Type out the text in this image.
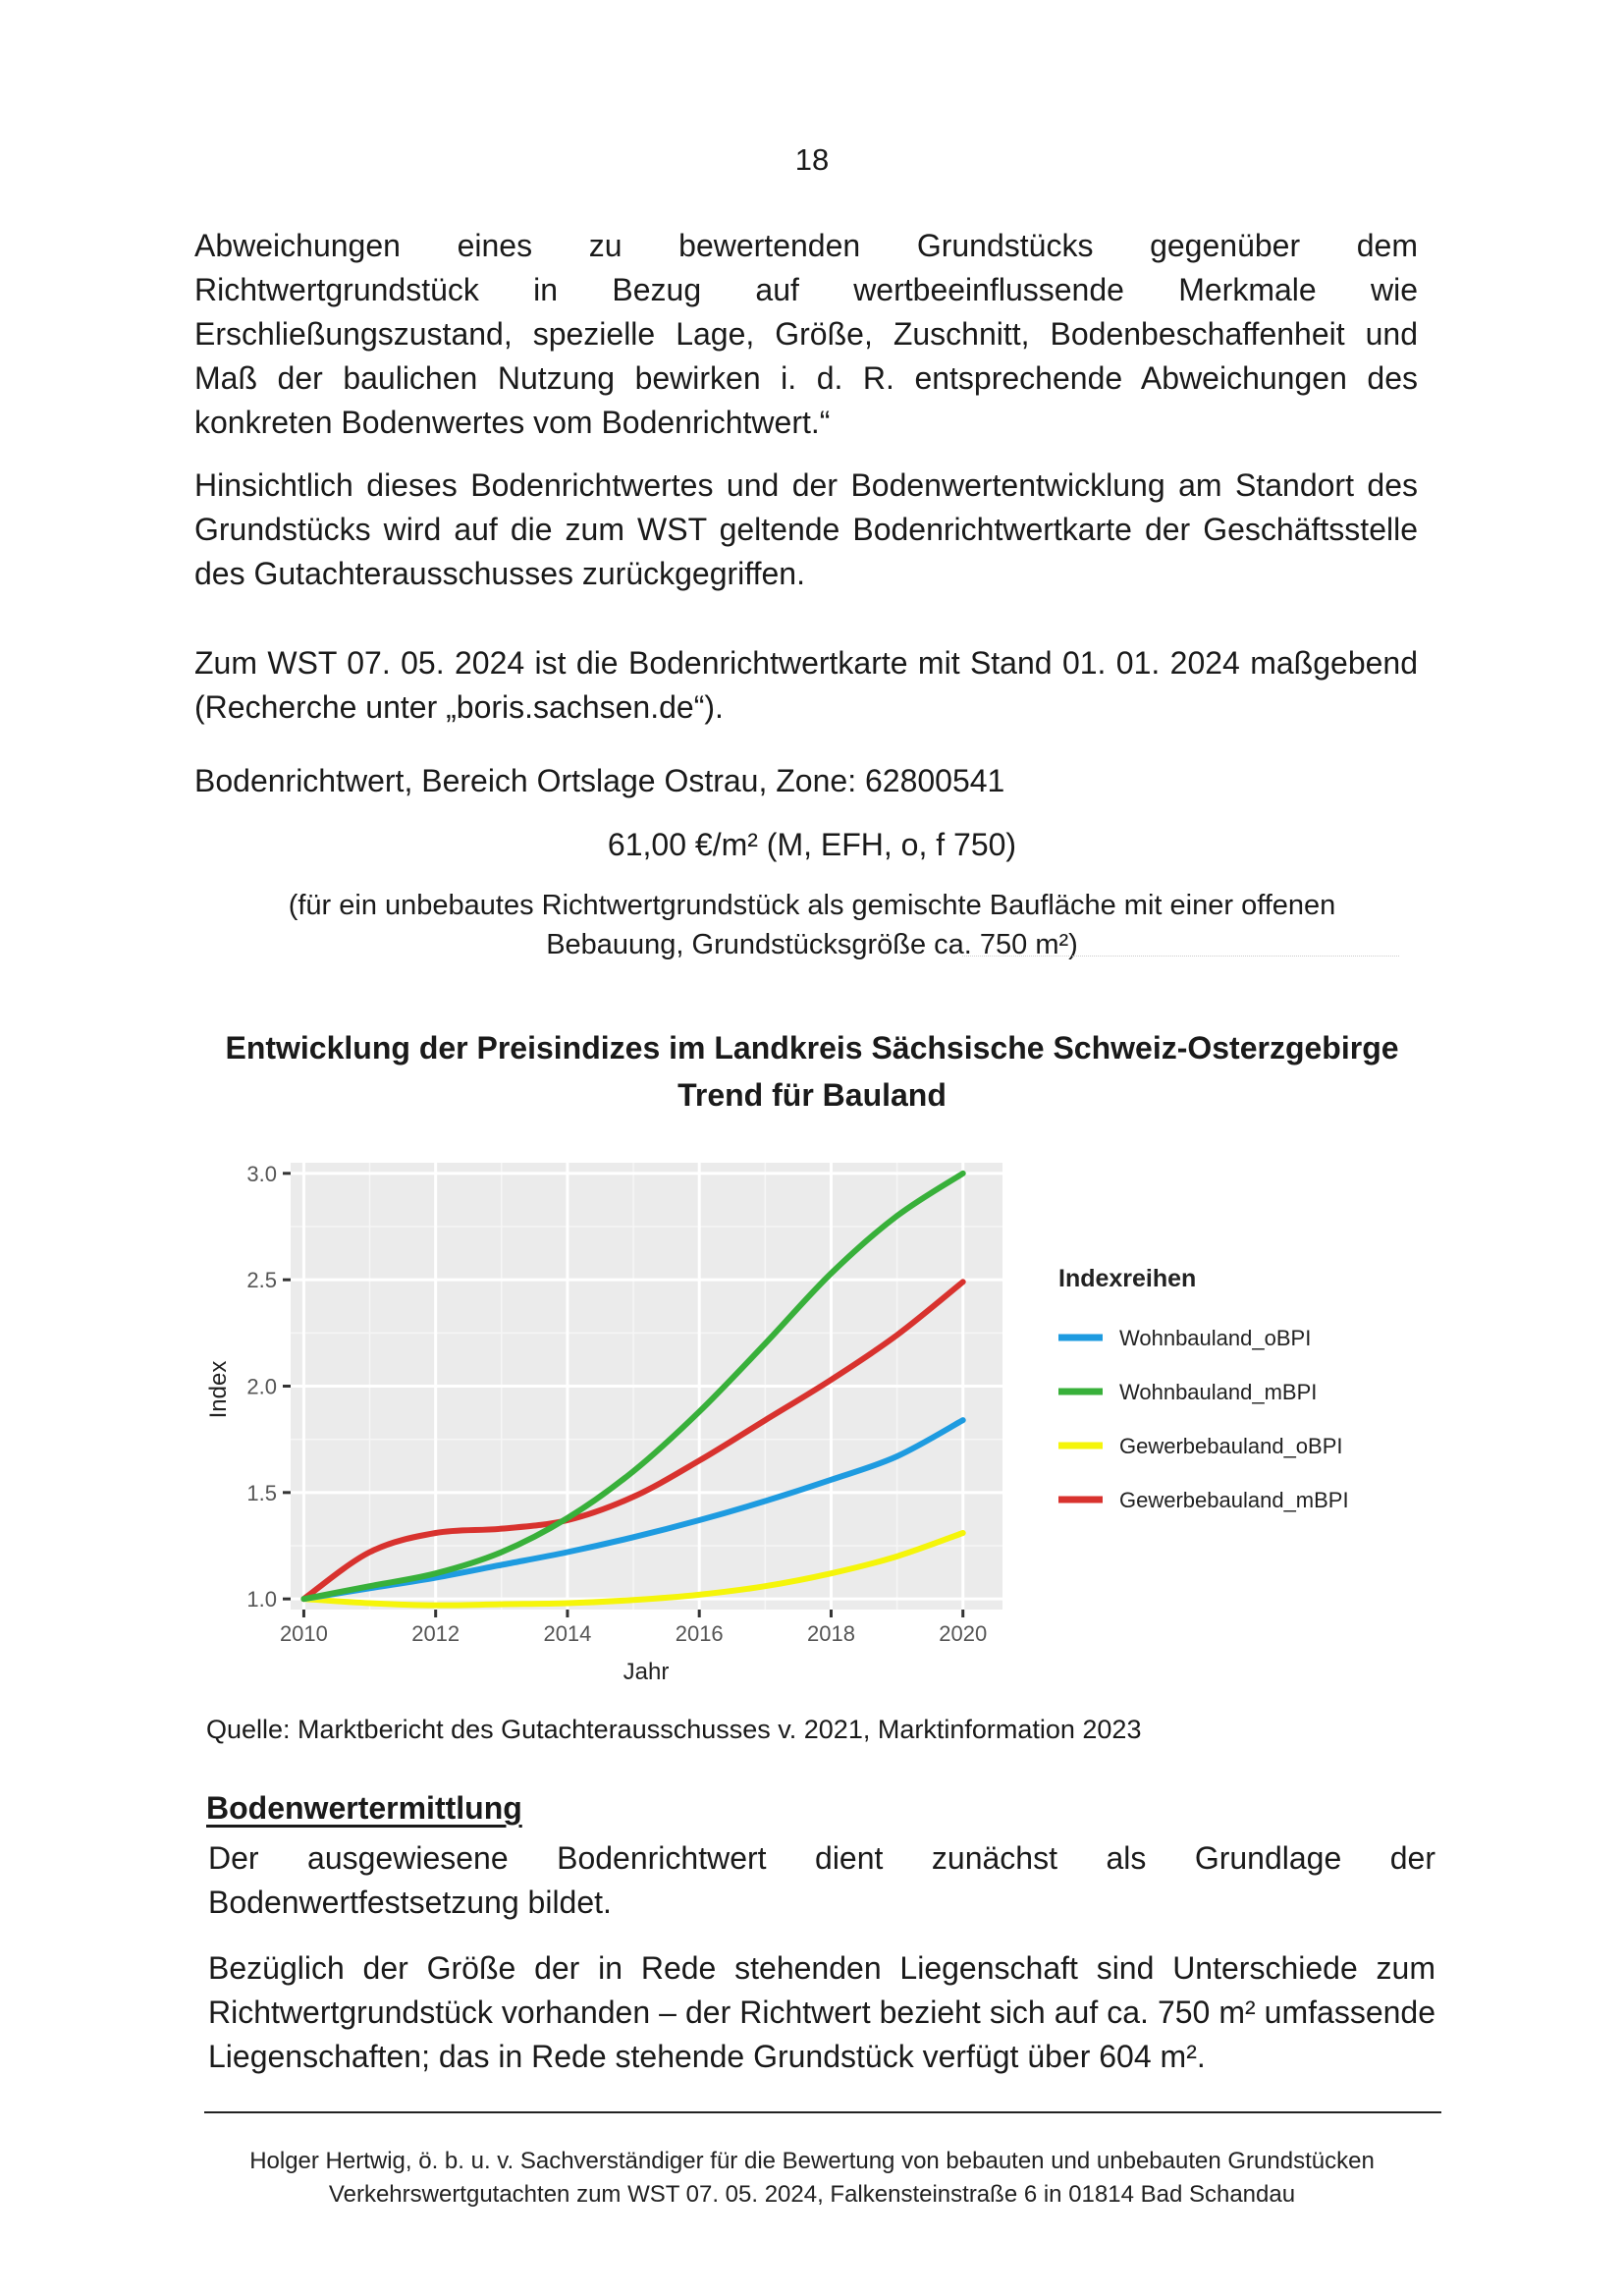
18

Abweichungen eines zu bewertenden Grundstücks gegenüber dem Richtwertgrundstück in Bezug auf wertbeeinflussende Merkmale wie Erschließungszustand, spezielle Lage, Größe, Zuschnitt, Bodenbeschaffenheit und Maß der baulichen Nutzung bewirken i. d. R. entsprechende Abweichungen des konkreten Bodenwertes vom Bodenrichtwert.“

Hinsichtlich dieses Bodenrichtwertes und der Bodenwertentwicklung am Standort des Grundstücks wird auf die zum WST geltende Bodenrichtwertkarte der Geschäftsstelle des Gutachterausschusses zurückgegriffen.

Zum WST 07. 05. 2024 ist die Bodenrichtwertkarte mit Stand 01. 01. 2024 maßgebend (Recherche unter „boris.sachsen.de“).

Bodenrichtwert, Bereich Ortslage Ostrau, Zone: 62800541

61,00 €/m² (M, EFH, o, f 750)
(für ein unbebautes Richtwertgrundstück als gemischte Baufläche mit einer offenen
Bebauung, Grundstücksgröße ca. 750 m²)
Entwicklung der Preisindizes im Landkreis Sächsische Schweiz-Osterzgebirge
Trend für Bauland
1.0
1.5
2.0
2.5
3.0
2010	2012	2014	2016	2018	2020
Jahr
Index
Indexreihen
Wohnbauland_oBPI
Wohnbauland_mBPI
Gewerbebauland_oBPI
Gewerbebauland_mBPI
Quelle: Marktbericht des Gutachterausschusses v. 2021, Marktinformation 2023
Bodenwertermittlung

Der ausgewiesene Bodenrichtwert dient zunächst als Grundlage der Bodenwertfestsetzung bildet.

Bezüglich der Größe der in Rede stehenden Liegenschaft sind Unterschiede zum Richtwertgrundstück vorhanden – der Richtwert bezieht sich auf ca. 750 m² umfassende Liegenschaften; das in Rede stehende Grundstück verfügt über 604 m².

Holger Hertwig, ö. b. u. v. Sachverständiger für die Bewertung von bebauten und unbebauten Grundstücken
Verkehrswertgutachten zum WST 07. 05. 2024, Falkensteinstraße 6 in 01814 Bad Schandau
